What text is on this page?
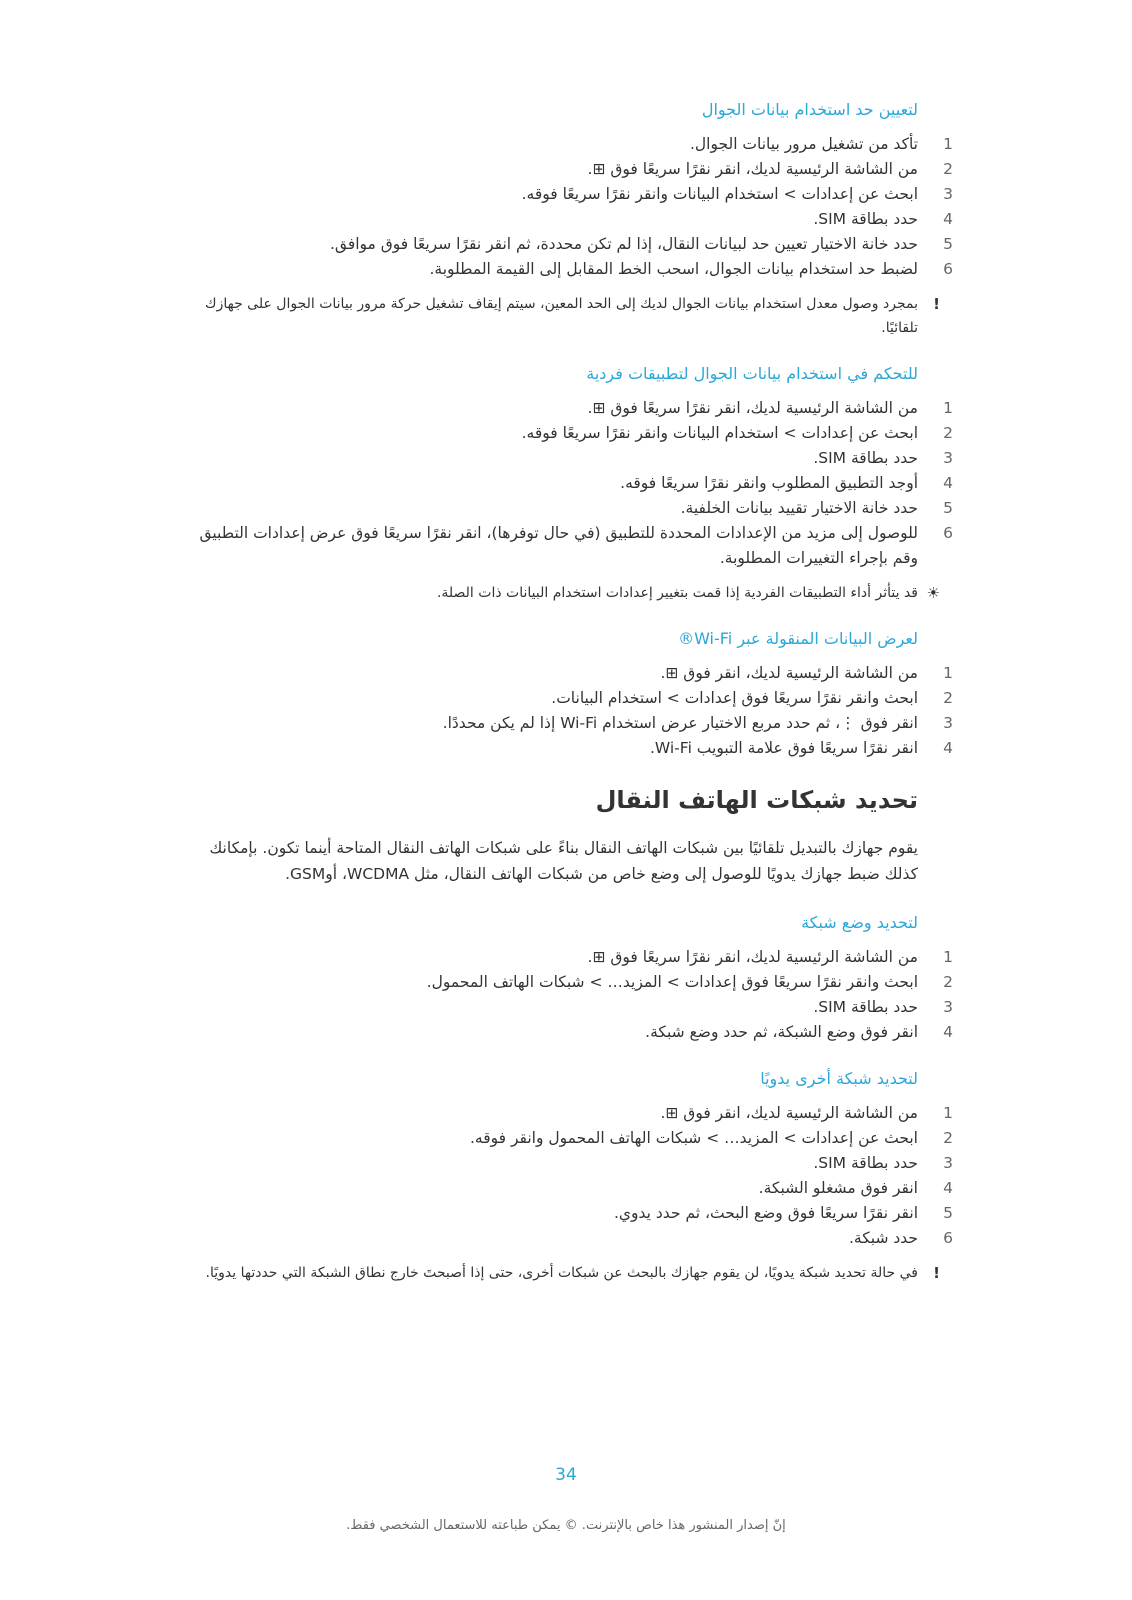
لتعيين حد استخدام بيانات الجوال
1
تأكد من تشغيل مرور بيانات الجوال.
2
من الشاشة الرئيسية لديك، انقر نقرًا سريعًا فوق ⊞.
3
ابحث عن إعدادات > استخدام البيانات وانقر نقرًا سريعًا فوقه.
4
حدد بطاقة SIM.
5
حدد خانة الاختيار تعيين حد لبيانات النقال، إذا لم تكن محددة، ثم انقر نقرًا سريعًا فوق موافق.
6
لضبط حد استخدام بيانات الجوال، اسحب الخط المقابل إلى القيمة المطلوبة.
!
بمجرد وصول معدل استخدام بيانات الجوال لديك إلى الحد المعين، سيتم إيقاف تشغيل حركة مرور بيانات الجوال على جهازك تلقائيًا.
للتحكم في استخدام بيانات الجوال لتطبيقات فردية
1
من الشاشة الرئيسية لديك، انقر نقرًا سريعًا فوق ⊞.
2
ابحث عن إعدادات > استخدام البيانات وانقر نقرًا سريعًا فوقه.
3
حدد بطاقة SIM.
4
أوجد التطبيق المطلوب وانقر نقرًا سريعًا فوقه.
5
حدد خانة الاختيار تقييد بيانات الخلفية.
6
للوصول إلى مزيد من الإعدادات المحددة للتطبيق (في حال توفرها)، انقر نقرًا سريعًا فوق عرض إعدادات التطبيق وقم بإجراء التغييرات المطلوبة.
☀
قد يتأثر أداء التطبيقات الفردية إذا قمت بتغيير إعدادات استخدام البيانات ذات الصلة.
لعرض البيانات المنقولة عبر Wi-Fi®
1
من الشاشة الرئيسية لديك، انقر فوق ⊞.
2
ابحث وانقر نقرًا سريعًا فوق إعدادات > استخدام البيانات.
3
انقر فوق ⋮، ثم حدد مربع الاختيار عرض استخدام Wi-Fi إذا لم يكن محددًا.
4
انقر نقرًا سريعًا فوق علامة التبويب Wi-Fi.
تحديد شبكات الهاتف النقال
يقوم جهازك بالتبديل تلقائيًا بين شبكات الهاتف النقال بناءً على شبكات الهاتف النقال المتاحة أينما تكون. بإمكانك كذلك ضبط جهازك يدويًا للوصول إلى وضع خاص من شبكات الهاتف النقال، مثل WCDMA، أوGSM.
لتحديد وضع شبكة
1
من الشاشة الرئيسية لديك، انقر نقرًا سريعًا فوق ⊞.
2
ابحث وانقر نقرًا سريعًا فوق إعدادات > المزيد… > شبكات الهاتف المحمول.
3
حدد بطاقة SIM.
4
انقر فوق وضع الشبكة، ثم حدد وضع شبكة.
لتحديد شبكة أخرى يدويًا
1
من الشاشة الرئيسية لديك، انقر فوق ⊞.
2
ابحث عن إعدادات > المزيد… > شبكات الهاتف المحمول وانقر فوقه.
3
حدد بطاقة SIM.
4
انقر فوق مشغلو الشبكة.
5
انقر نقرًا سريعًا فوق وضع البحث، ثم حدد يدوي.
6
حدد شبكة.
!
في حالة تحديد شبكة يدويًا، لن يقوم جهازك بالبحث عن شبكات أخرى، حتى إذا أصبحتَ خارج نطاق الشبكة التي حددتها يدويًا.
34
إنّ إصدار المنشور هذا خاص بالإنترنت. © يمكن طباعته للاستعمال الشخصي فقط.
